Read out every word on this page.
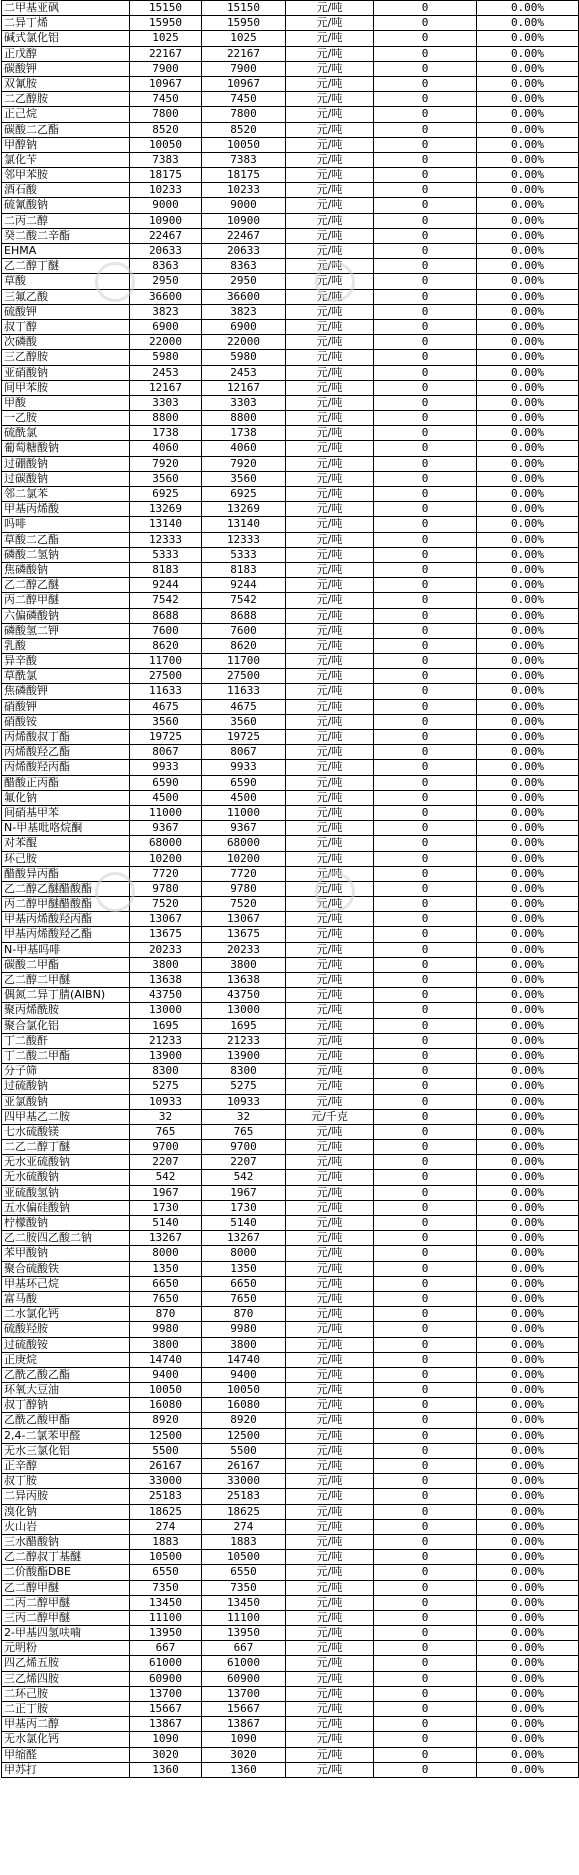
二甲基亚砜	15150	15150	元/吨	0	0.00%
二异丁烯	15950	15950	元/吨	0	0.00%
碱式氯化铝	1025	1025	元/吨	0	0.00%
正戊醇	22167	22167	元/吨	0	0.00%
碳酸钾	7900	7900	元/吨	0	0.00%
双氰胺	10967	10967	元/吨	0	0.00%
二乙醇胺	7450	7450	元/吨	0	0.00%
正己烷	7800	7800	元/吨	0	0.00%
碳酸二乙酯	8520	8520	元/吨	0	0.00%
甲醇钠	10050	10050	元/吨	0	0.00%
氯化苄	7383	7383	元/吨	0	0.00%
邻甲苯胺	18175	18175	元/吨	0	0.00%
酒石酸	10233	10233	元/吨	0	0.00%
硫氰酸钠	9000	9000	元/吨	0	0.00%
二丙二醇	10900	10900	元/吨	0	0.00%
癸二酸二辛酯	22467	22467	元/吨	0	0.00%
EHMA	20633	20633	元/吨	0	0.00%
乙二醇丁醚	8363	8363	元/吨	0	0.00%
草酸	2950	2950	元/吨	0	0.00%
三氟乙酸	36600	36600	元/吨	0	0.00%
硫酸钾	3823	3823	元/吨	0	0.00%
叔丁醇	6900	6900	元/吨	0	0.00%
次磷酸	22000	22000	元/吨	0	0.00%
三乙醇胺	5980	5980	元/吨	0	0.00%
亚硝酸钠	2453	2453	元/吨	0	0.00%
间甲苯胺	12167	12167	元/吨	0	0.00%
甲酸	3303	3303	元/吨	0	0.00%
一乙胺	8800	8800	元/吨	0	0.00%
硫酰氯	1738	1738	元/吨	0	0.00%
葡萄糖酸钠	4060	4060	元/吨	0	0.00%
过硼酸钠	7920	7920	元/吨	0	0.00%
过碳酸钠	3560	3560	元/吨	0	0.00%
邻二氯苯	6925	6925	元/吨	0	0.00%
甲基丙烯酸	13269	13269	元/吨	0	0.00%
吗啡	13140	13140	元/吨	0	0.00%
草酸二乙酯	12333	12333	元/吨	0	0.00%
磷酸二氢钠	5333	5333	元/吨	0	0.00%
焦磷酸钠	8183	8183	元/吨	0	0.00%
乙二醇乙醚	9244	9244	元/吨	0	0.00%
丙二醇甲醚	7542	7542	元/吨	0	0.00%
六偏磷酸钠	8688	8688	元/吨	0	0.00%
磷酸氢二钾	7600	7600	元/吨	0	0.00%
乳酸	8620	8620	元/吨	0	0.00%
异辛酸	11700	11700	元/吨	0	0.00%
草酰氯	27500	27500	元/吨	0	0.00%
焦磷酸钾	11633	11633	元/吨	0	0.00%
硝酸钾	4675	4675	元/吨	0	0.00%
硝酸铵	3560	3560	元/吨	0	0.00%
丙烯酸叔丁酯	19725	19725	元/吨	0	0.00%
丙烯酸羟乙酯	8067	8067	元/吨	0	0.00%
丙烯酸羟丙酯	9933	9933	元/吨	0	0.00%
醋酸正丙酯	6590	6590	元/吨	0	0.00%
氟化钠	4500	4500	元/吨	0	0.00%
间硝基甲苯	11000	11000	元/吨	0	0.00%
N-甲基吡咯烷酮	9367	9367	元/吨	0	0.00%
对苯醌	68000	68000	元/吨	0	0.00%
环己胺	10200	10200	元/吨	0	0.00%
醋酸异丙酯	7720	7720	元/吨	0	0.00%
乙二醇乙醚醋酸酯	9780	9780	元/吨	0	0.00%
丙二醇甲醚醋酸酯	7520	7520	元/吨	0	0.00%
甲基丙烯酸羟丙酯	13067	13067	元/吨	0	0.00%
甲基丙烯酸羟乙酯	13675	13675	元/吨	0	0.00%
N-甲基吗啡	20233	20233	元/吨	0	0.00%
碳酸二甲酯	3800	3800	元/吨	0	0.00%
乙二醇二甲醚	13638	13638	元/吨	0	0.00%
偶氮二异丁腈(AIBN)	43750	43750	元/吨	0	0.00%
聚丙烯酰胺	13000	13000	元/吨	0	0.00%
聚合氯化铝	1695	1695	元/吨	0	0.00%
丁二酸酐	21233	21233	元/吨	0	0.00%
丁二酸二甲酯	13900	13900	元/吨	0	0.00%
分子筛	8300	8300	元/吨	0	0.00%
过硫酸钠	5275	5275	元/吨	0	0.00%
亚氯酸钠	10933	10933	元/吨	0	0.00%
四甲基乙二胺	32	32	元/千克	0	0.00%
七水硫酸镁	765	765	元/吨	0	0.00%
二乙二醇丁醚	9700	9700	元/吨	0	0.00%
无水亚硫酸钠	2207	2207	元/吨	0	0.00%
无水硫酸钠	542	542	元/吨	0	0.00%
亚硫酸氢钠	1967	1967	元/吨	0	0.00%
五水偏硅酸钠	1730	1730	元/吨	0	0.00%
柠檬酸钠	5140	5140	元/吨	0	0.00%
乙二胺四乙酸二钠	13267	13267	元/吨	0	0.00%
苯甲酸钠	8000	8000	元/吨	0	0.00%
聚合硫酸铁	1350	1350	元/吨	0	0.00%
甲基环己烷	6650	6650	元/吨	0	0.00%
富马酸	7650	7650	元/吨	0	0.00%
二水氯化钙	870	870	元/吨	0	0.00%
硫酸羟胺	9980	9980	元/吨	0	0.00%
过硫酸铵	3800	3800	元/吨	0	0.00%
正庚烷	14740	14740	元/吨	0	0.00%
乙酰乙酸乙酯	9400	9400	元/吨	0	0.00%
环氧大豆油	10050	10050	元/吨	0	0.00%
叔丁醇钠	16080	16080	元/吨	0	0.00%
乙酰乙酸甲酯	8920	8920	元/吨	0	0.00%
2,4-二氯苯甲醛	12500	12500	元/吨	0	0.00%
无水三氯化铝	5500	5500	元/吨	0	0.00%
正辛醇	26167	26167	元/吨	0	0.00%
叔丁胺	33000	33000	元/吨	0	0.00%
二异丙胺	25183	25183	元/吨	0	0.00%
溴化钠	18625	18625	元/吨	0	0.00%
火山岩	274	274	元/吨	0	0.00%
三水醋酸钠	1883	1883	元/吨	0	0.00%
乙二醇叔丁基醚	10500	10500	元/吨	0	0.00%
二价酸酯DBE	6550	6550	元/吨	0	0.00%
乙二醇甲醚	7350	7350	元/吨	0	0.00%
二丙二醇甲醚	13450	13450	元/吨	0	0.00%
三丙二醇甲醚	11100	11100	元/吨	0	0.00%
2-甲基四氢呋喃	13950	13950	元/吨	0	0.00%
元明粉	667	667	元/吨	0	0.00%
四乙烯五胺	61000	61000	元/吨	0	0.00%
三乙烯四胺	60900	60900	元/吨	0	0.00%
二环己胺	13700	13700	元/吨	0	0.00%
二正丁胺	15667	15667	元/吨	0	0.00%
甲基丙二醇	13867	13867	元/吨	0	0.00%
无水氯化钙	1090	1090	元/吨	0	0.00%
甲缩醛	3020	3020	元/吨	0	0.00%
甲苏打	1360	1360	元/吨	0	0.00%
